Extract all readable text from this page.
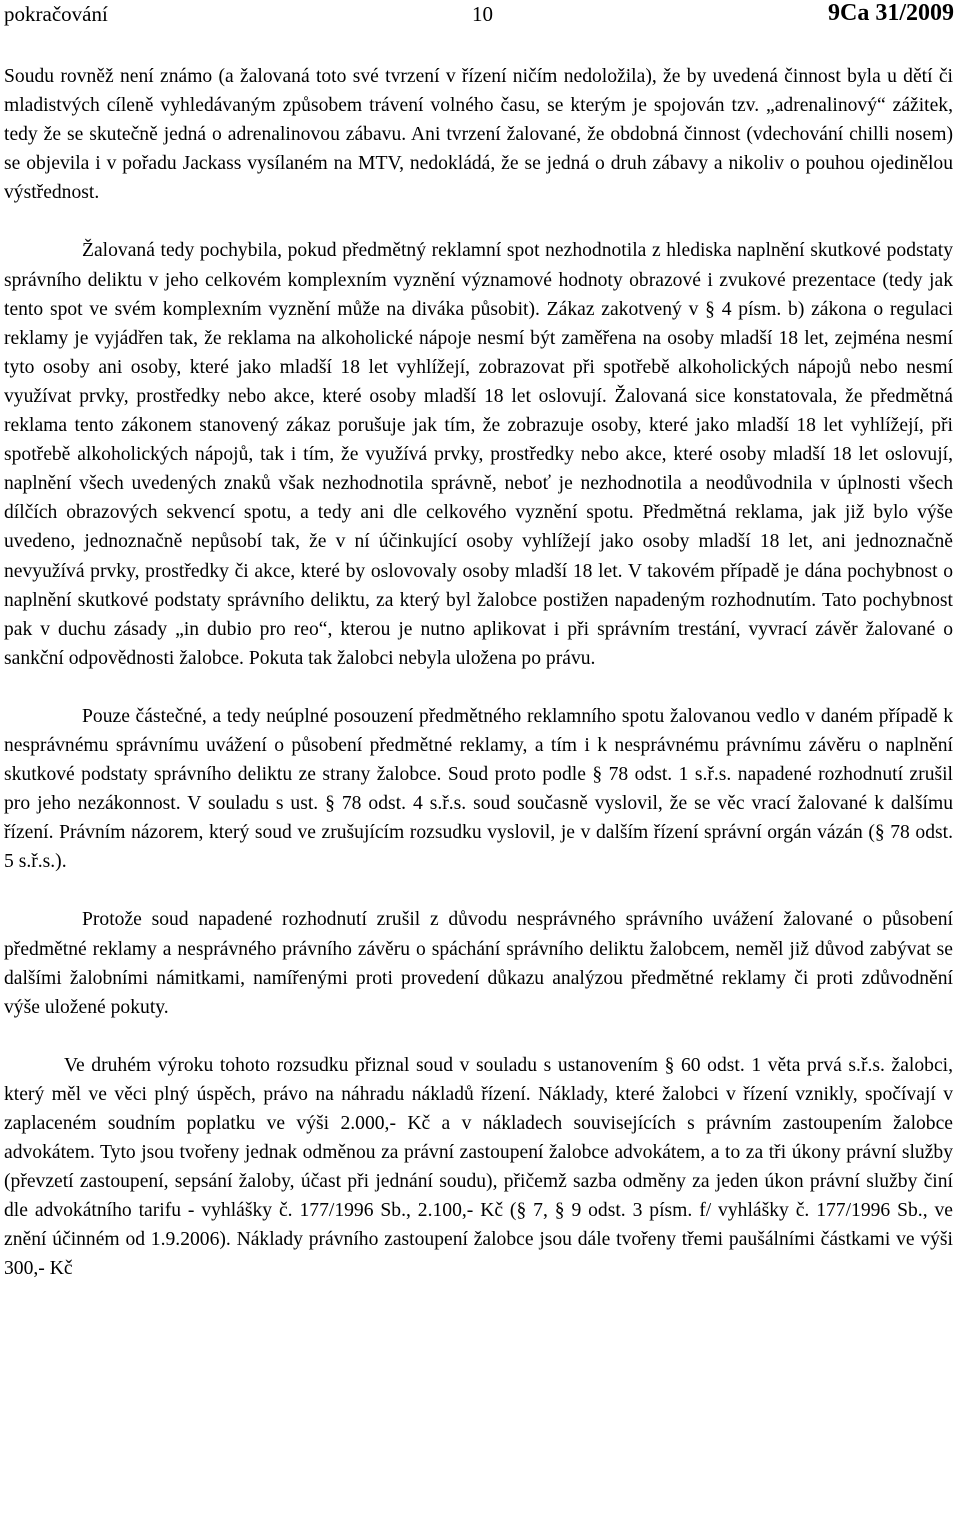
pokračování	10	9Ca 31/2009

Soudu rovněž není známo (a žalovaná toto své tvrzení v řízení ničím nedoložila), že by uvedená činnost byla u dětí či mladistvých cíleně vyhledávaným způsobem trávení volného času, se kterým je spojován tzv. „adrenalinový“ zážitek, tedy že se skutečně jedná o adrenalinovou zábavu. Ani tvrzení žalované, že obdobná činnost (vdechování chilli nosem) se objevila i v pořadu Jackass vysílaném na MTV, nedokládá, že se jedná o druh zábavy a nikoliv o pouhou ojedinělou výstřednost.

Žalovaná tedy pochybila, pokud předmětný reklamní spot nezhodnotila z hlediska naplnění skutkové podstaty správního deliktu v jeho celkovém komplexním vyznění významové hodnoty obrazové i zvukové prezentace (tedy jak tento spot ve svém komplexním vyznění může na diváka působit). Zákaz zakotvený v § 4 písm. b) zákona o regulaci reklamy je vyjádřen tak, že reklama na alkoholické nápoje nesmí být zaměřena na osoby mladší 18 let, zejména nesmí tyto osoby ani osoby, které jako mladší 18 let vyhlížejí, zobrazovat při spotřebě alkoholických nápojů nebo nesmí využívat prvky, prostředky nebo akce, které osoby mladší 18 let oslovují. Žalovaná sice konstatovala, že předmětná reklama tento zákonem stanovený zákaz porušuje jak tím, že zobrazuje osoby, které jako mladší 18 let vyhlížejí, při spotřebě alkoholických nápojů, tak i tím, že využívá prvky, prostředky nebo akce, které osoby mladší 18 let oslovují, naplnění všech uvedených znaků však nezhodnotila správně, neboť je nezhodnotila a neodůvodnila v úplnosti všech dílčích obrazových sekvencí spotu, a tedy ani dle celkového vyznění spotu. Předmětná reklama, jak již bylo výše uvedeno, jednoznačně nepůsobí tak, že v ní účinkující osoby vyhlížejí jako osoby mladší 18 let, ani jednoznačně nevyužívá prvky, prostředky či akce, které by oslovovaly osoby mladší 18 let. V takovém případě je dána pochybnost o naplnění skutkové podstaty správního deliktu, za který byl žalobce postižen napadeným rozhodnutím. Tato pochybnost pak v duchu zásady „in dubio pro reo“, kterou je nutno aplikovat i při správním trestání, vyvrací závěr žalované o sankční odpovědnosti žalobce. Pokuta tak žalobci nebyla uložena po právu.

Pouze částečné, a tedy neúplné posouzení předmětného reklamního spotu žalovanou vedlo v daném případě k nesprávnému správnímu uvážení o působení předmětné reklamy, a tím i k nesprávnému právnímu závěru o naplnění skutkové podstaty správního deliktu ze strany žalobce. Soud proto podle § 78 odst. 1 s.ř.s. napadené rozhodnutí zrušil pro jeho nezákonnost. V souladu s ust. § 78 odst. 4 s.ř.s. soud současně vyslovil, že se věc vrací žalované k dalšímu řízení. Právním názorem, který soud ve zrušujícím rozsudku vyslovil, je v dalším řízení správní orgán vázán (§ 78 odst. 5 s.ř.s.).

Protože soud napadené rozhodnutí zrušil z důvodu nesprávného správního uvážení žalované o působení předmětné reklamy a nesprávného právního závěru o spáchání správního deliktu žalobcem, neměl již důvod zabývat se dalšími žalobními námitkami, namířenými proti provedení důkazu analýzou předmětné reklamy či proti zdůvodnění výše uložené pokuty.

Ve druhém výroku tohoto rozsudku přiznal soud v souladu s ustanovením § 60 odst. 1 věta prvá s.ř.s. žalobci, který měl ve věci plný úspěch, právo na náhradu nákladů řízení. Náklady, které žalobci v řízení vznikly, spočívají v zaplaceném soudním poplatku ve výši 2.000,- Kč a v nákladech souvisejících s právním zastoupením žalobce advokátem. Tyto jsou tvořeny jednak odměnou za právní zastoupení žalobce advokátem, a to za tři úkony právní služby (převzetí zastoupení, sepsání žaloby, účast při jednání soudu), přičemž sazba odměny za jeden úkon právní služby činí dle advokátního tarifu - vyhlášky č. 177/1996 Sb., 2.100,- Kč (§ 7, § 9 odst. 3 písm. f/ vyhlášky č. 177/1996 Sb., ve znění účinném od 1.9.2006). Náklady právního zastoupení žalobce jsou dále tvořeny třemi paušálními částkami ve výši 300,- Kč
